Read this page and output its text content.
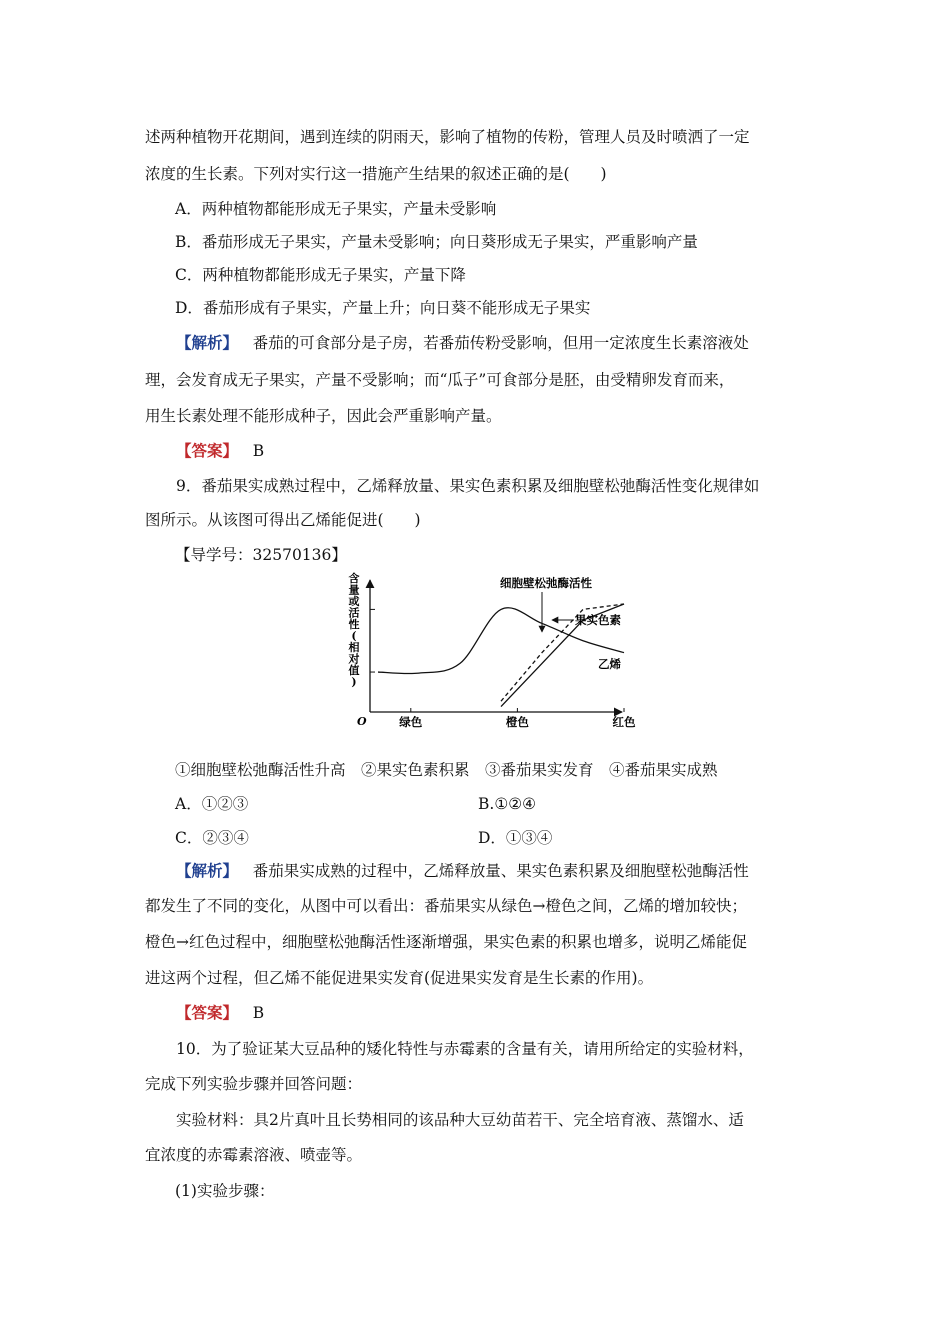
述两种植物开花期间，遇到连续的阴雨天，影响了植物的传粉，管理人员及时喷洒了一定
浓度的生长素。下列对实行这一措施产生结果的叙述正确的是(　　)
A．两种植物都能形成无子果实，产量未受影响
B．番茄形成无子果实，产量未受影响；向日葵形成无子果实，严重影响产量
C．两种植物都能形成无子果实，产量下降
D．番茄形成有子果实，产量上升；向日葵不能形成无子果实
【解析】 番茄的可食部分是子房，若番茄传粉受影响，但用一定浓度生长素溶液处
理，会发育成无子果实，产量不受影响；而“瓜子”可食部分是胚，由受精卵发育而来，
用生长素处理不能形成种子，因此会严重影响产量。
【答案】 B
9．番茄果实成熟过程中，乙烯释放量、果实色素积累及细胞壁松弛酶活性变化规律如
图所示。从该图可得出乙烯能促进(　　)
【导学号：32570136】
含
量
或
活
性
(
相
对
值
)
O	绿色	橙色	红色
细胞壁松弛酶活性
果实色素
乙烯
①细胞壁松弛酶活性升高　②果实色素积累　③番茄果实发育　④番茄果实成熟
A．①②③	B.①②④
C．②③④	D．①③④
【解析】 番茄果实成熟的过程中，乙烯释放量、果实色素积累及细胞壁松弛酶活性
都发生了不同的变化，从图中可以看出：番茄果实从绿色→橙色之间，乙烯的增加较快；
橙色→红色过程中，细胞壁松弛酶活性逐渐增强，果实色素的积累也增多，说明乙烯能促
进这两个过程，但乙烯不能促进果实发育(促进果实发育是生长素的作用)。
【答案】 B
10．为了验证某大豆品种的矮化特性与赤霉素的含量有关，请用所给定的实验材料，
完成下列实验步骤并回答问题：
实验材料：具2片真叶且长势相同的该品种大豆幼苗若干、完全培育液、蒸馏水、适
宜浓度的赤霉素溶液、喷壶等。
(1)实验步骤：
